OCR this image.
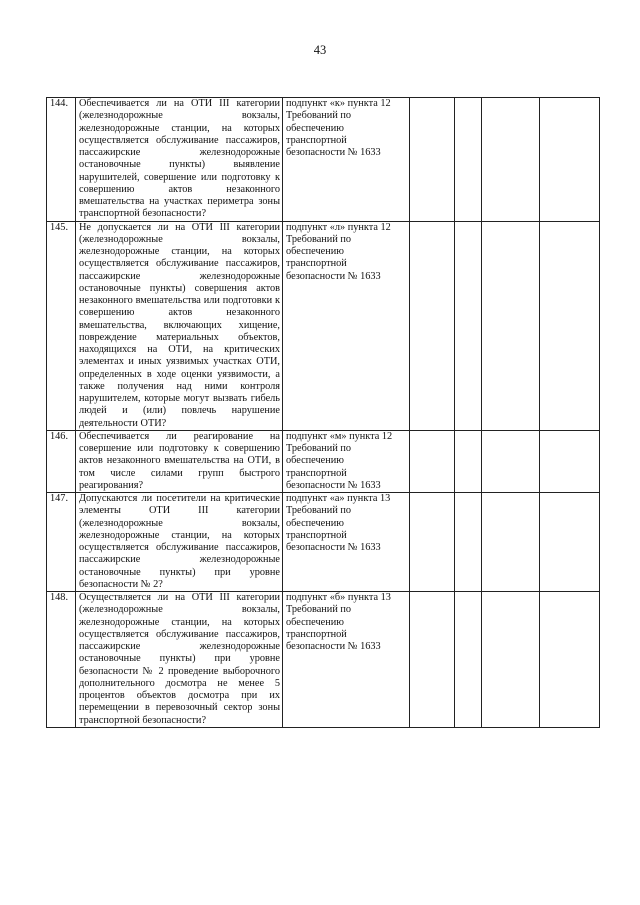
43
144.	Обеспечивается ли на ОТИ III категории (железнодорожные вокзалы, железнодорожные станции, на которых осуществляется обслуживание пассажиров, пассажирские железнодорожные остановочные пункты) выявление нарушителей, совершение или подготовку к совершению актов незаконного вмешательства на участках периметра зоны транспортной безопасности?	подпункт «к» пункта 12 Требований по обеспечению транспортной безопасности № 1633				
145.	Не допускается ли на ОТИ III категории (железнодорожные вокзалы, железнодорожные станции, на которых осуществляется обслуживание пассажиров, пассажирские железнодорожные остановочные пункты) совершения актов незаконного вмешательства или подготовки к совершению актов незаконного вмешательства, включающих хищение, повреждение материальных объектов, находящихся на ОТИ, на критических элементах и иных уязвимых участках ОТИ, определенных в ходе оценки уязвимости, а также получения над ними контроля нарушителем, которые могут вызвать гибель людей и (или) повлечь нарушение деятельности ОТИ?	подпункт «л» пункта 12 Требований по обеспечению транспортной безопасности № 1633				
146.	Обеспечивается ли реагирование на совершение или подготовку к совершению актов незаконного вмешательства на ОТИ, в том числе силами групп быстрого реагирования?	подпункт «м» пункта 12 Требований по обеспечению транспортной безопасности № 1633				
147.	Допускаются ли посетители на критические элементы ОТИ III категории (железнодорожные вокзалы, железнодорожные станции, на которых осуществляется обслуживание пассажиров, пассажирские железнодорожные остановочные пункты) при уровне безопасности № 2?	подпункт «а» пункта 13 Требований по обеспечению транспортной безопасности № 1633				
148.	Осуществляется ли на ОТИ III категории (железнодорожные вокзалы, железнодорожные станции, на которых осуществляется обслуживание пассажиров, пассажирские железнодорожные остановочные пункты) при уровне безопасности № 2 проведение выборочного дополнительного досмотра не менее 5 процентов объектов досмотра при их перемещении в перевозочный сектор зоны транспортной безопасности?	подпункт «б» пункта 13 Требований по обеспечению транспортной безопасности № 1633				
